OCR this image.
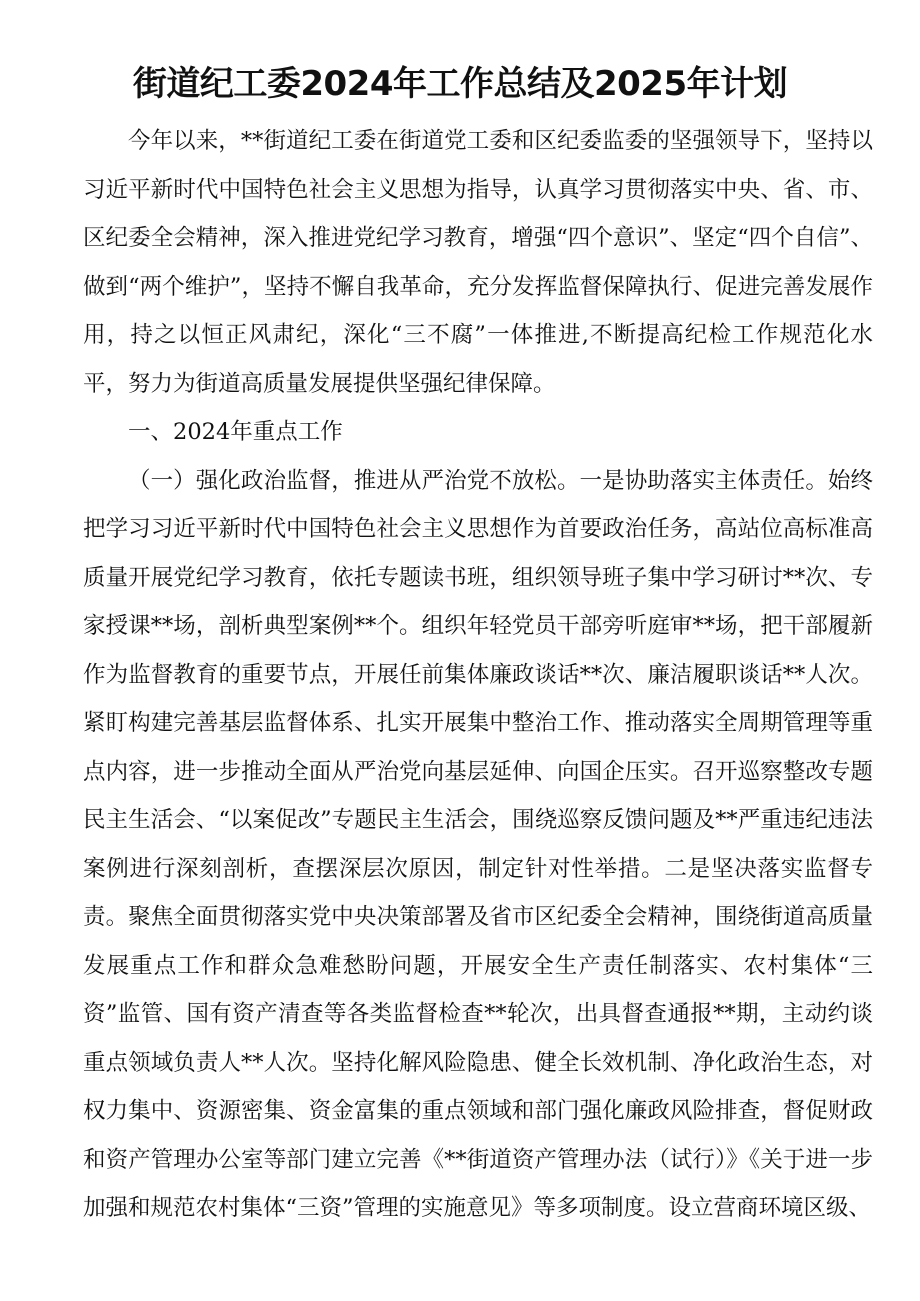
街道纪工委2024年工作总结及2025年计划

今年以来，**街道纪工委在街道党工委和区纪委监委的坚强领导下，坚持以习近平新时代中国特色社会主义思想为指导，认真学习贯彻落实中央、省、市、区纪委全会精神，深入推进党纪学习教育，增强“四个意识”、坚定“四个自信”、做到“两个维护”，坚持不懈自我革命，充分发挥监督保障执行、促进完善发展作用，持之以恒正风肃纪，深化“三不腐”一体推进,不断提高纪检工作规范化水平，努力为街道高质量发展提供坚强纪律保障。

一、2024年重点工作

（一）强化政治监督，推进从严治党不放松。一是协助落实主体责任。始终把学习习近平新时代中国特色社会主义思想作为首要政治任务，高站位高标准高质量开展党纪学习教育，依托专题读书班，组织领导班子集中学习研讨**次、专家授课**场，剖析典型案例**个。组织年轻党员干部旁听庭审**场，把干部履新作为监督教育的重要节点，开展任前集体廉政谈话**次、廉洁履职谈话**人次。紧盯构建完善基层监督体系、扎实开展集中整治工作、推动落实全周期管理等重点内容，进一步推动全面从严治党向基层延伸、向国企压实。召开巡察整改专题民主生活会、“以案促改”专题民主生活会，围绕巡察反馈问题及**严重违纪违法案例进行深刻剖析，查摆深层次原因，制定针对性举措。二是坚决落实监督专责。聚焦全面贯彻落实党中央决策部署及省市区纪委全会精神，围绕街道高质量发展重点工作和群众急难愁盼问题，开展安全生产责任制落实、农村集体“三资”监管、国有资产清查等各类监督检查**轮次，出具督查通报**期，主动约谈重点领域负责人**人次。坚持化解风险隐患、健全长效机制、净化政治生态，对权力集中、资源密集、资金富集的重点领域和部门强化廉政风险排查，督促财政和资产管理办公室等部门建立完善《**街道资产管理办法（试行）》《关于进一步加强和规范农村集体“三资”管理的实施意见》等多项制度。设立营商环境区级、
